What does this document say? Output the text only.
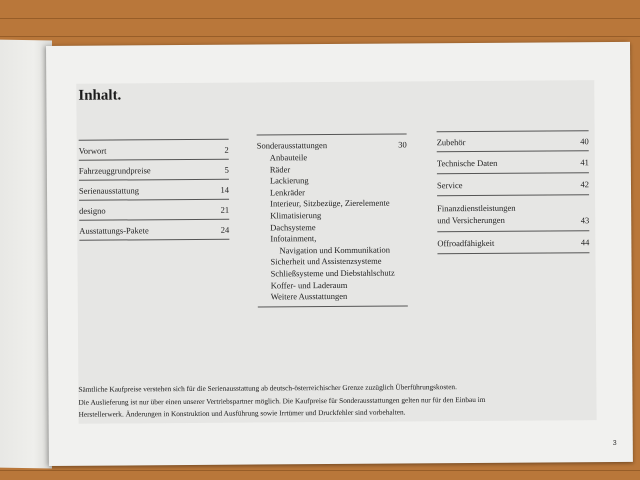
Inhalt.
Vorwort	2
Fahrzeuggrundpreise	5
Serienausstattung	14
designo	21
Ausstattungs-Pakete	24
Sonderausstattungen	30
Anbauteile
Räder
Lackierung
Lenkräder
Interieur, Sitzbezüge, Zierelemente
Klimatisierung
Dachsysteme
Infotainment,
Navigation und Kommunikation
Sicherheit und Assistenzsysteme
Schließsysteme und Diebstahlschutz
Koffer- und Laderaum
Weitere Ausstattungen
Zubehör	40
Technische Daten	41
Service	42
Finanzdienstleistungen
und Versicherungen	43
Offroadfähigkeit	44
Sämtliche Kaufpreise verstehen sich für die Serienausstattung ab deutsch-österreichischer Grenze zuzüglich Überführungskosten.
Die Auslieferung ist nur über einen unserer Vertriebspartner möglich. Die Kaufpreise für Sonderausstattungen gelten nur für den Einbau im
Herstellerwerk. Änderungen in Konstruktion und Ausführung sowie Irrtümer und Druckfehler sind vorbehalten.
3
